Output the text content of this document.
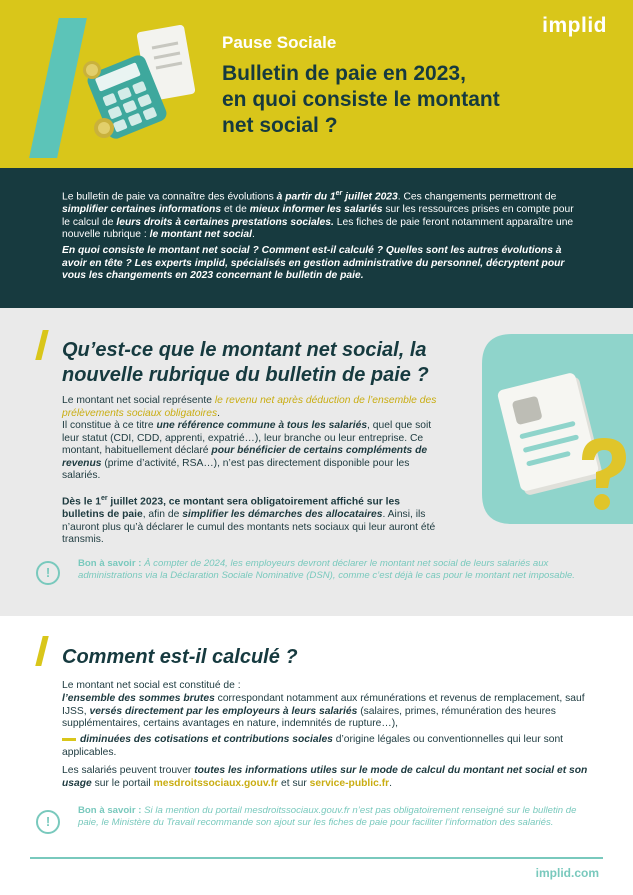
implid
Pause Sociale
Bulletin de paie en 2023,
en quoi consiste le montant
net social ?
Le bulletin de paie va connaître des évolutions à partir du 1er juillet 2023. Ces changements permettront de simplifier certaines informations et de mieux informer les salariés sur les ressources prises en compte pour le calcul de leurs droits à certaines prestations sociales. Les fiches de paie feront notamment apparaître une nouvelle rubrique : le montant net social.
En quoi consiste le montant net social ? Comment est-il calculé ? Quelles sont les autres évolutions à avoir en tête ? Les experts implid, spécialisés en gestion administrative du personnel, décryptent pour vous les changements en 2023 concernant le bulletin de paie.
Qu’est-ce que le montant net social, la
nouvelle rubrique du bulletin de paie ?
Le montant net social représente le revenu net après déduction de l’ensemble des prélèvements sociaux obligatoires.
Il constitue à ce titre une référence commune à tous les salariés, quel que soit leur statut (CDI, CDD, apprenti, expatrié…), leur branche ou leur entreprise. Ce montant, habituellement déclaré pour bénéficier de certains compléments de revenus (prime d’activité, RSA…), n’est pas directement disponible pour les salariés.
Dès le 1er juillet 2023, ce montant sera obligatoirement affiché sur les bulletins de paie, afin de simplifier les démarches des allocataires. Ainsi, ils n’auront plus qu’à déclarer le cumul des montants nets sociaux qui leur auront été transmis.
!
Bon à savoir : À compter de 2024, les employeurs devront déclarer le montant net social de leurs salariés aux administrations via la Déclaration Sociale Nominative (DSN), comme c’est déjà le cas pour le montant net imposable.
Comment est-il calculé ?
Le montant net social est constitué de :
l’ensemble des sommes brutes correspondant notamment aux rémunérations et revenus de remplacement, sauf IJSS, versés directement par les employeurs à leurs salariés (salaires, primes, rémunération des heures supplémentaires, certains avantages en nature, indemnités de rupture…),
diminuées des cotisations et contributions sociales d’origine légales ou conventionnelles qui leur sont applicables.
Les salariés peuvent trouver toutes les informations utiles sur le mode de calcul du montant net social et son usage sur le portail mesdroitssociaux.gouv.fr et sur service-public.fr.
!
Bon à savoir : Si la mention du portail mesdroitssociaux.gouv.fr n’est pas obligatoirement renseigné sur le bulletin de paie, le Ministère du Travail recommande son ajout sur les fiches de paie pour faciliter l’information des salariés.
implid.com
